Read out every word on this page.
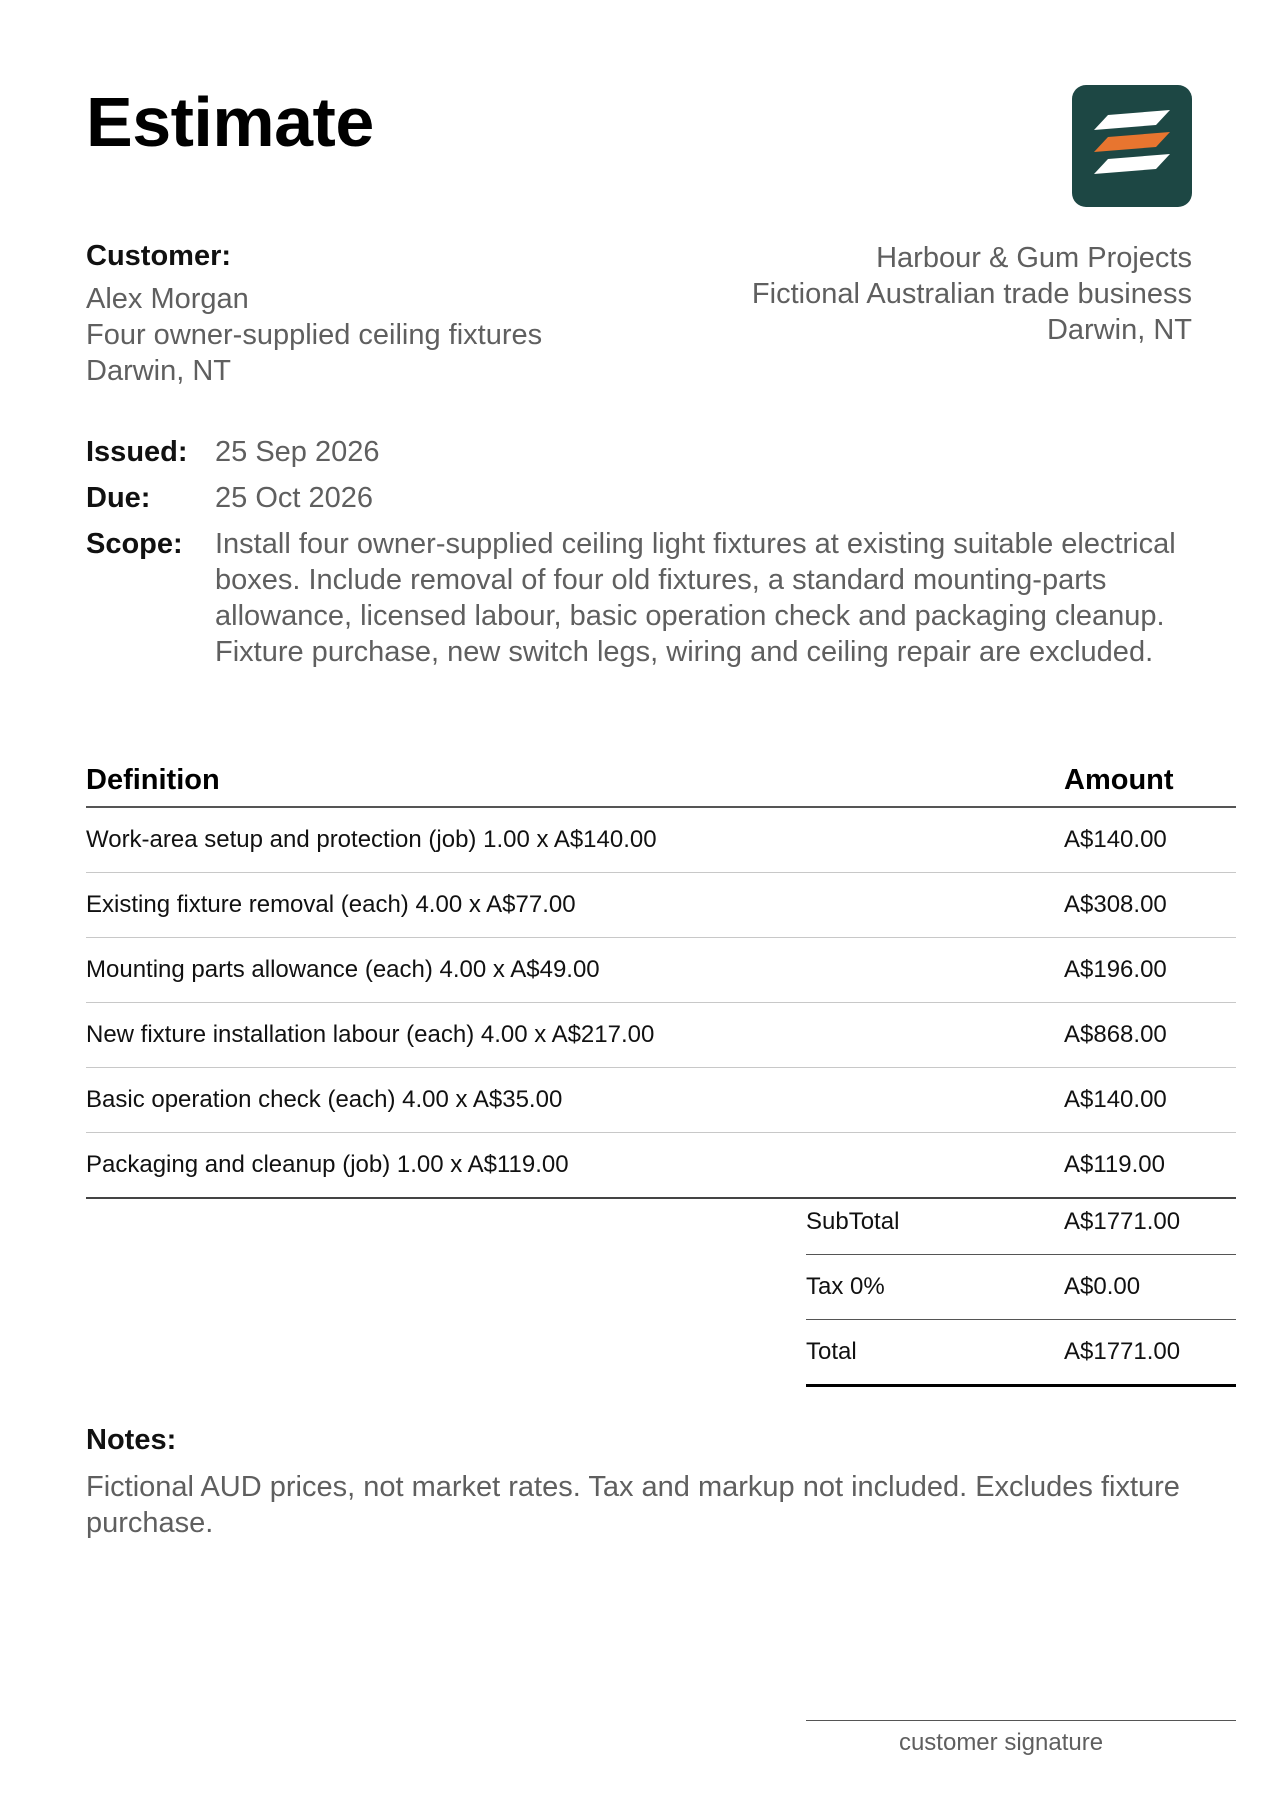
Estimate
Customer:
Alex Morgan
Four owner-supplied ceiling fixtures
Darwin, NT
Harbour & Gum Projects
Fictional Australian trade business
Darwin, NT
Issued: 25 Sep 2026
Due:	25 Oct 2026
Scope:	Install four owner-supplied ceiling light fixtures at existing suitable electrical boxes. Include removal of four old fixtures, a standard mounting-parts allowance, licensed labour, basic operation check and packaging cleanup. Fixture purchase, new switch legs, wiring and ceiling repair are excluded.
Definition	Amount
Work-area setup and protection (job) 1.00 x A$140.00	A$140.00
Existing fixture removal (each) 4.00 x A$77.00	A$308.00
Mounting parts allowance (each) 4.00 x A$49.00	A$196.00
New fixture installation labour (each) 4.00 x A$217.00	A$868.00
Basic operation check (each) 4.00 x A$35.00	A$140.00
Packaging and cleanup (job) 1.00 x A$119.00	A$119.00
SubTotal	A$1771.00
Tax 0%	A$0.00
Total	A$1771.00
Notes:
Fictional AUD prices, not market rates. Tax and markup not included. Excludes fixture purchase.
customer signature
